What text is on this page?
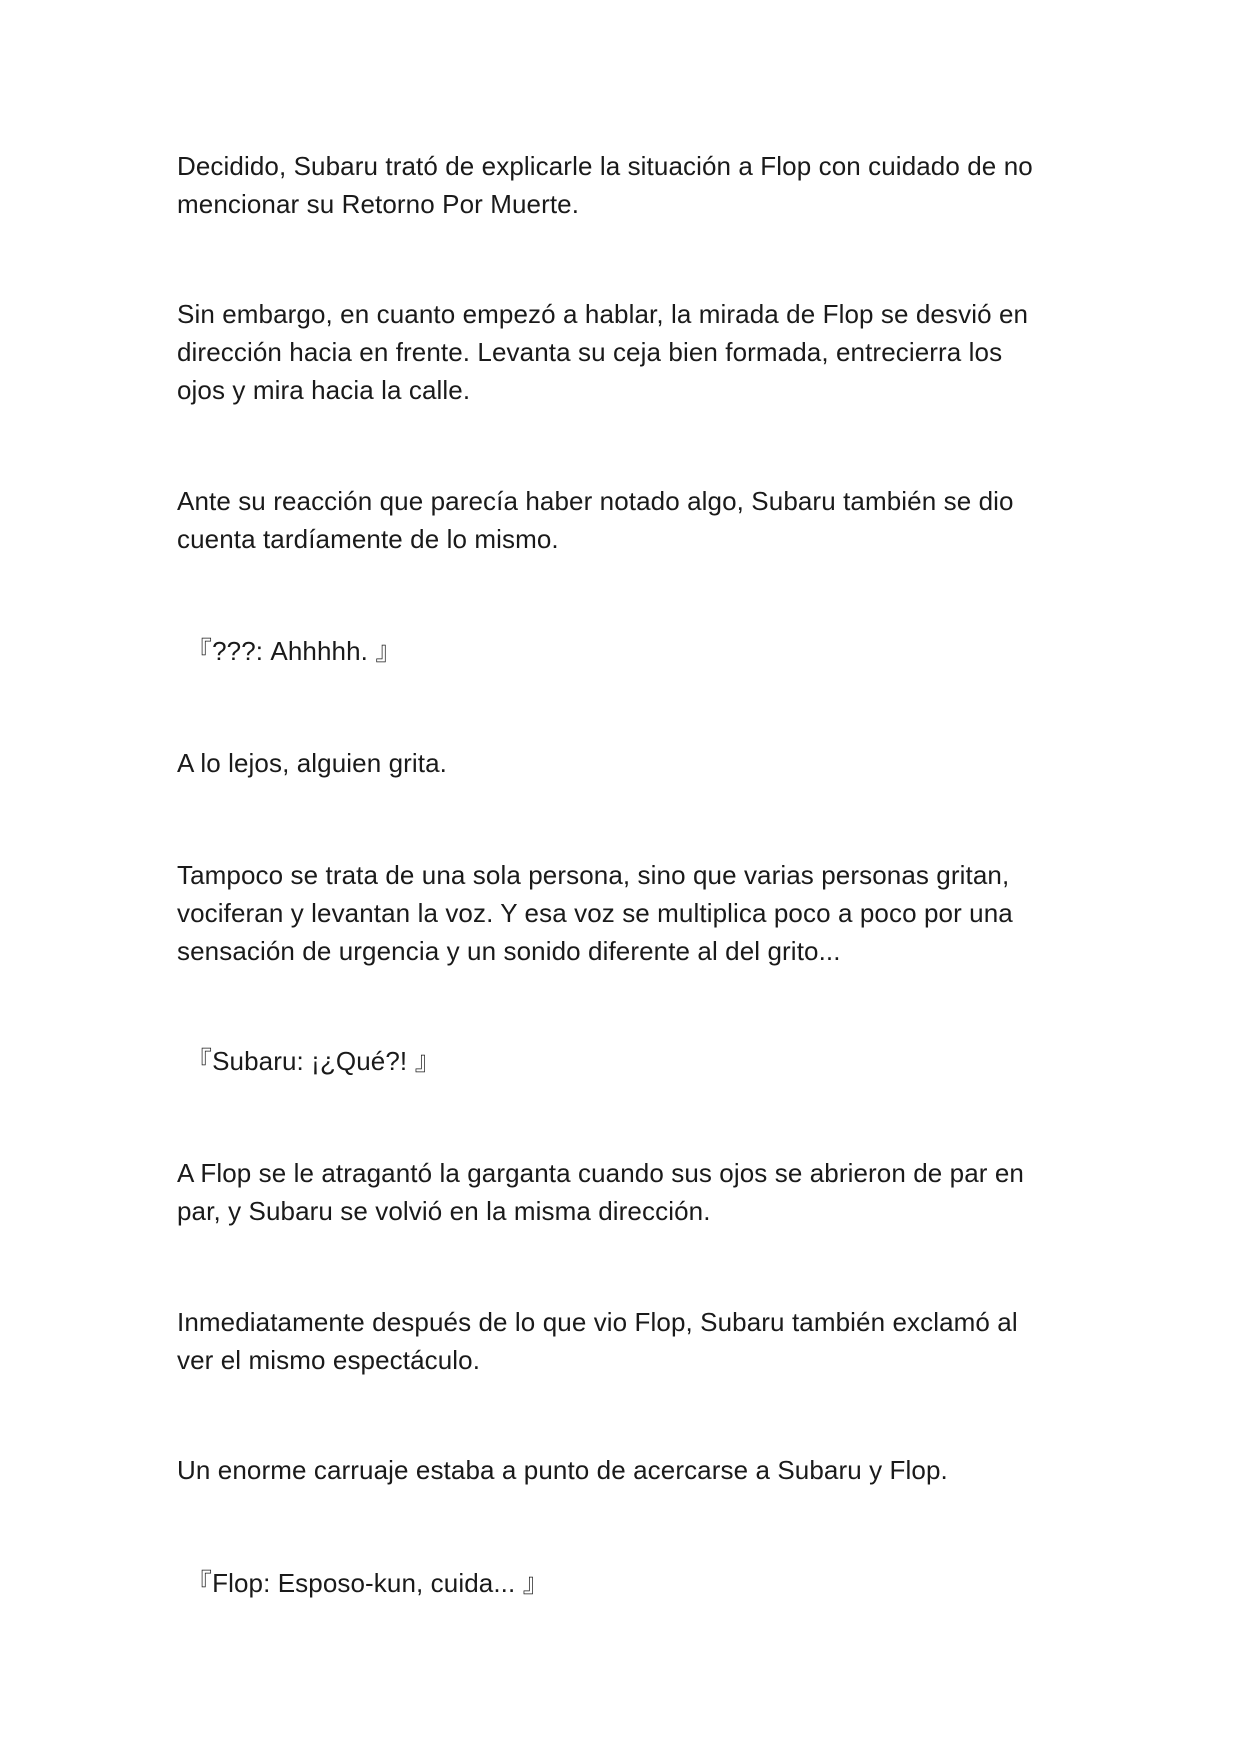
Decidido, Subaru trató de explicarle la situación a Flop con cuidado de no mencionar su Retorno Por Muerte.

Sin embargo, en cuanto empezó a hablar, la mirada de Flop se desvió en dirección hacia en frente. Levanta su ceja bien formada, entrecierra los ojos y mira hacia la calle.

Ante su reacción que parecía haber notado algo, Subaru también se dio cuenta tardíamente de lo mismo.

『???: Ahhhhh. 』

A lo lejos, alguien grita.

Tampoco se trata de una sola persona, sino que varias personas gritan, vociferan y levantan la voz. Y esa voz se multiplica poco a poco por una sensación de urgencia y un sonido diferente al del grito...

『Subaru: ¡¿Qué?! 』

A Flop se le atragantó la garganta cuando sus ojos se abrieron de par en par, y Subaru se volvió en la misma dirección.

Inmediatamente después de lo que vio Flop, Subaru también exclamó al ver el mismo espectáculo.

Un enorme carruaje estaba a punto de acercarse a Subaru y Flop.

『Flop: Esposo-kun, cuida... 』
